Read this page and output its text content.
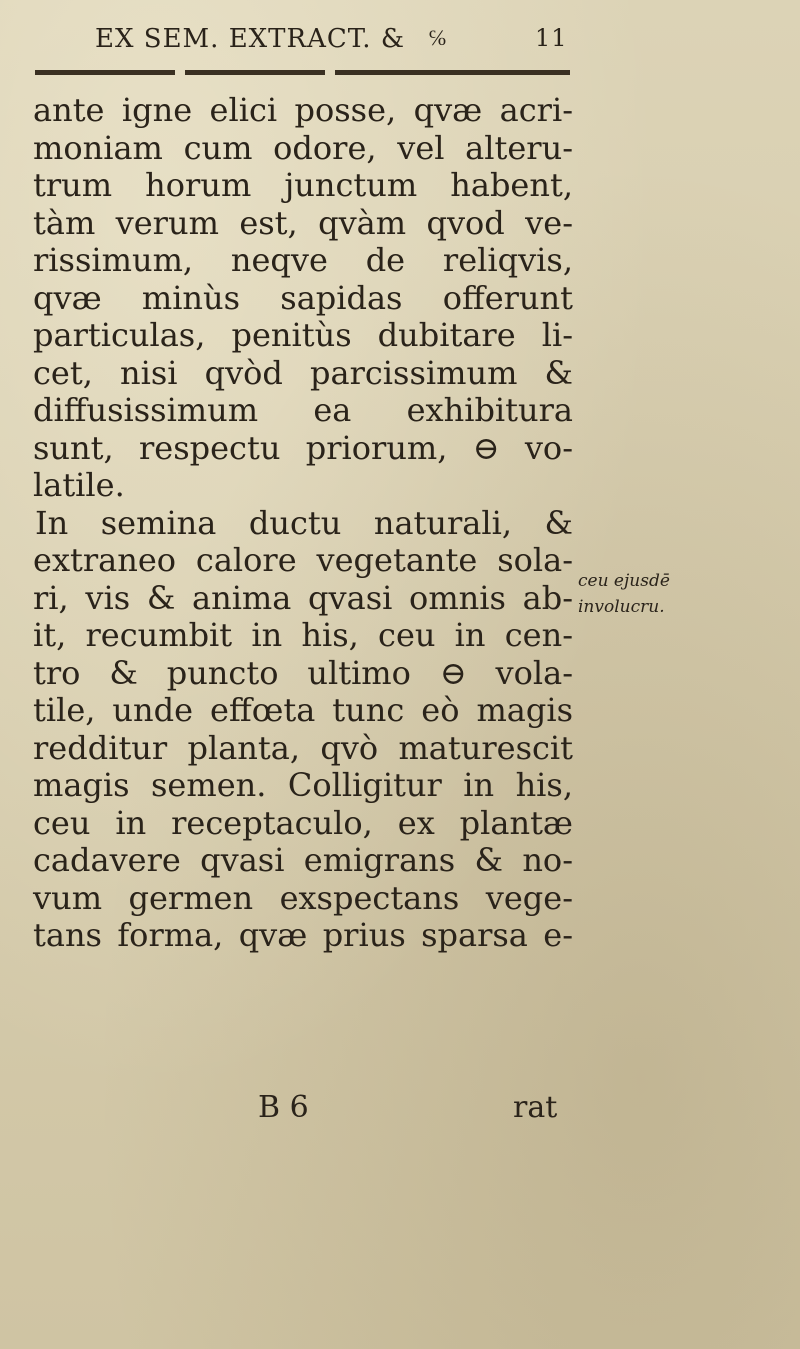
EX SEM. EXTRACT. & ℅	11
ante igne elici posse, qvæ acri-
moniam cum odore, vel alteru-
trum horum junctum habent,
tàm verum est, qvàm qvod ve-
rissimum, neqve de reliqvis,
qvæ minùs sapidas offerunt
particulas, penitùs dubitare li-
cet, nisi qvòd parcissimum &
diffusissimum ea exhibitura
sunt, respectu priorum, ⊖ vo-
latile.
In semina ductu naturali, &
extraneo calore vegetante sola-
ri, vis & anima qvasi omnis ab-
it, recumbit in his, ceu in cen-
tro & puncto ultimo ⊖ vola-
tile, unde effœta tunc eò magis
redditur planta, qvò maturescit
magis semen. Colligitur in his,
ceu in receptaculo, ex plantæ
cadavere qvasi emigrans & no-
vum germen exspectans vege-
tans forma, qvæ prius sparsa e-
ceu ejusdē
involucru.
B 6	rat
